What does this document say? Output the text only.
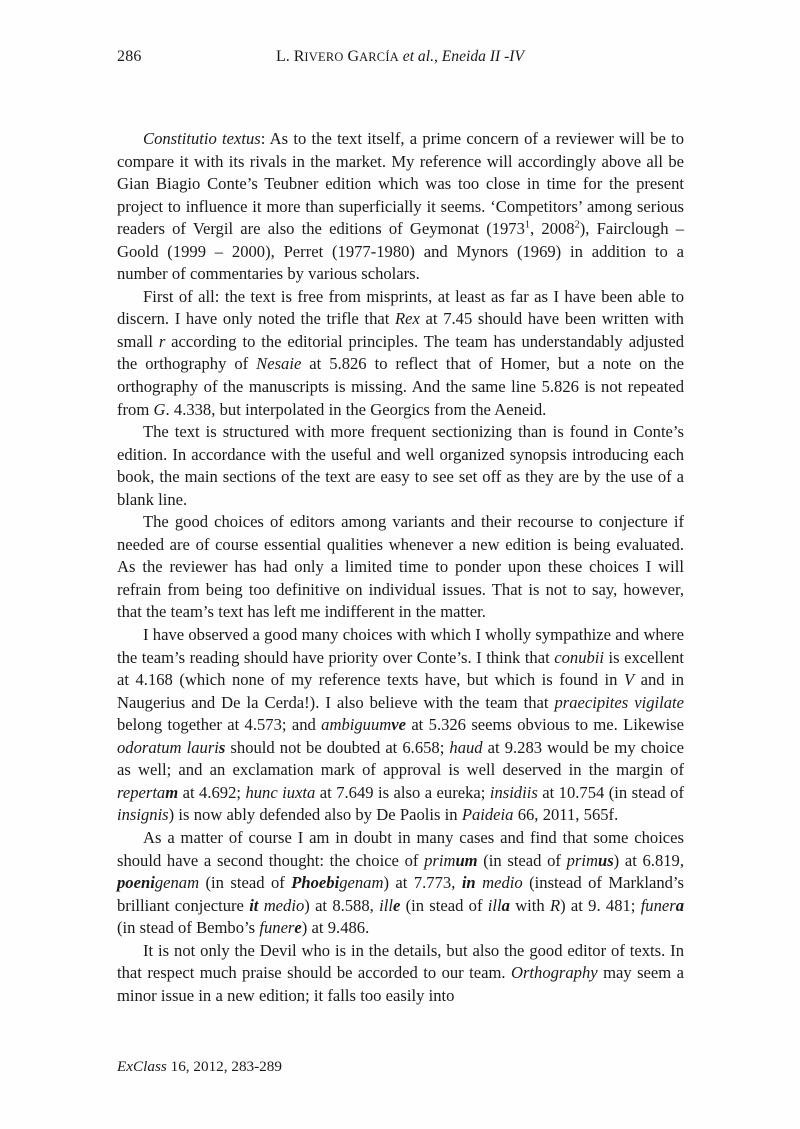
286	L. RIVERO GARCÍA et al., Eneida II -IV

Constitutio textus: As to the text itself, a prime concern of a reviewer will be to compare it with its rivals in the market. My reference will accordingly above all be Gian Biagio Conte’s Teubner edition which was too close in time for the present project to influence it more than superficially it seems. ‘Competitors’ among serious readers of Vergil are also the editions of Geymonat (1973$^1$, 2008$^2$), Fairclough – Goold (1999 – 2000), Perret (1977-1980) and Mynors (1969) in addition to a number of commentaries by various scholars.

First of all: the text is free from misprints, at least as far as I have been able to discern. I have only noted the trifle that Rex at 7.45 should have been written with small r according to the editorial principles. The team has understandably adjusted the orthography of Nesaie at 5.826 to reflect that of Homer, but a note on the orthography of the manuscripts is missing. And the same line 5.826 is not repeated from G. 4.338, but interpolated in the Georgics from the Aeneid.

The text is structured with more frequent sectionizing than is found in Conte’s edition. In accordance with the useful and well organized synopsis introducing each book, the main sections of the text are easy to see set off as they are by the use of a blank line.

The good choices of editors among variants and their recourse to conjecture if needed are of course essential qualities whenever a new edition is being evaluated. As the reviewer has had only a limited time to ponder upon these choices I will refrain from being too definitive on individual issues. That is not to say, however, that the team’s text has left me indifferent in the matter.

I have observed a good many choices with which I wholly sympathize and where the team’s reading should have priority over Conte’s. I think that conubii is excellent at 4.168 (which none of my reference texts have, but which is found in V and in Naugerius and De la Cerda!). I also believe with the team that praecipites vigilate belong together at 4.573; and ambiguumve at 5.326 seems obvious to me. Likewise odoratum lauris should not be doubted at 6.658; haud at 9.283 would be my choice as well; and an exclamation mark of approval is well deserved in the margin of repertam at 4.692; hunc iuxta at 7.649 is also a eureka; insidiis at 10.754 (in stead of insignis) is now ably defended also by De Paolis in Paideia 66, 2011, 565f.

As a matter of course I am in doubt in many cases and find that some choices should have a second thought: the choice of primum (in stead of primus) at 6.819, poenigenam (in stead of Phoebigenam) at 7.773, in medio (instead of Markland’s brilliant conjecture it medio) at 8.588, ille (in stead of illa with R) at 9. 481; funera (in stead of Bembo’s funere) at 9.486.

It is not only the Devil who is in the details, but also the good editor of texts. In that respect much praise should be accorded to our team. Orthography may seem a minor issue in a new edition; it falls too easily into

ExClass 16, 2012, 283-289
